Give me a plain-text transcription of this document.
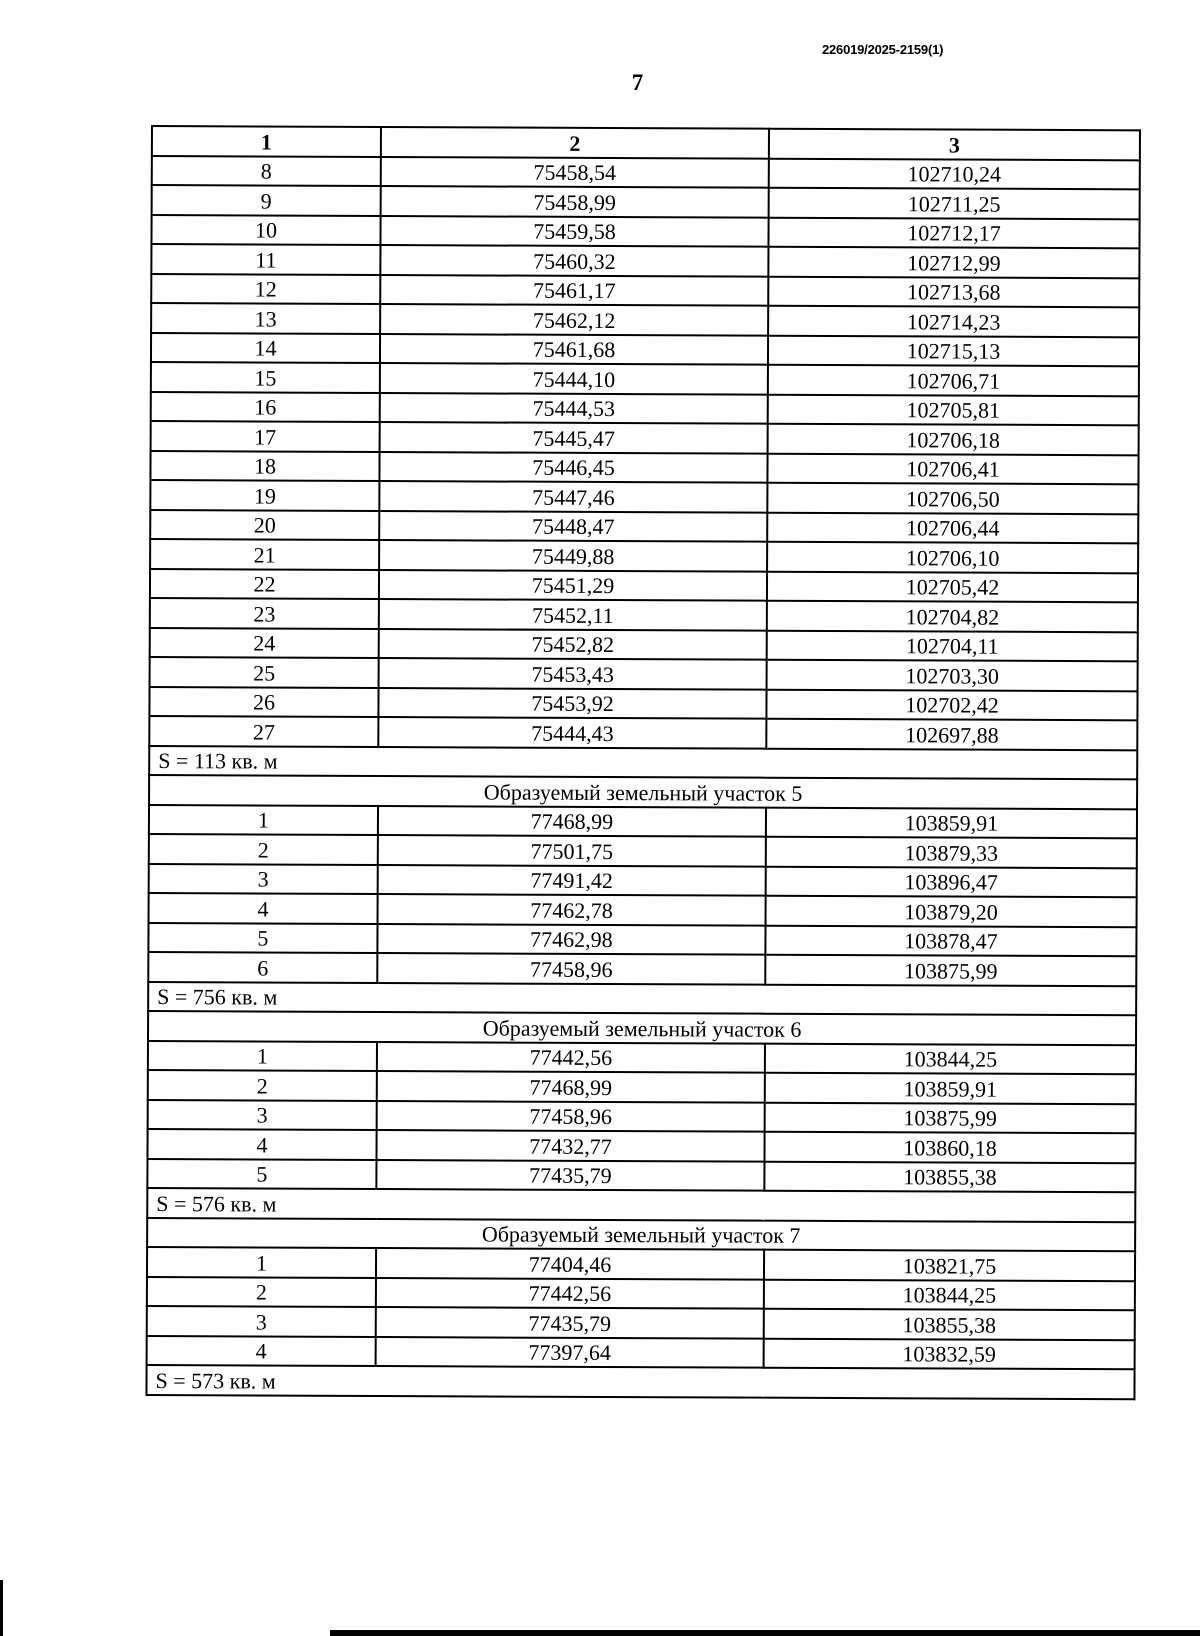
226019/2025-2159(1)
7
1	2	3
8	75458,54	102710,24
9	75458,99	102711,25
10	75459,58	102712,17
11	75460,32	102712,99
12	75461,17	102713,68
13	75462,12	102714,23
14	75461,68	102715,13
15	75444,10	102706,71
16	75444,53	102705,81
17	75445,47	102706,18
18	75446,45	102706,41
19	75447,46	102706,50
20	75448,47	102706,44
21	75449,88	102706,10
22	75451,29	102705,42
23	75452,11	102704,82
24	75452,82	102704,11
25	75453,43	102703,30
26	75453,92	102702,42
27	75444,43	102697,88
S = 113 кв. м		
Образуемый земельный участок 5		
1	77468,99	103859,91
2	77501,75	103879,33
3	77491,42	103896,47
4	77462,78	103879,20
5	77462,98	103878,47
6	77458,96	103875,99
S = 756 кв. м		
Образуемый земельный участок 6		
1	77442,56	103844,25
2	77468,99	103859,91
3	77458,96	103875,99
4	77432,77	103860,18
5	77435,79	103855,38
S = 576 кв. м		
Образуемый земельный участок 7		
1	77404,46	103821,75
2	77442,56	103844,25
3	77435,79	103855,38
4	77397,64	103832,59
S = 573 кв. м		
